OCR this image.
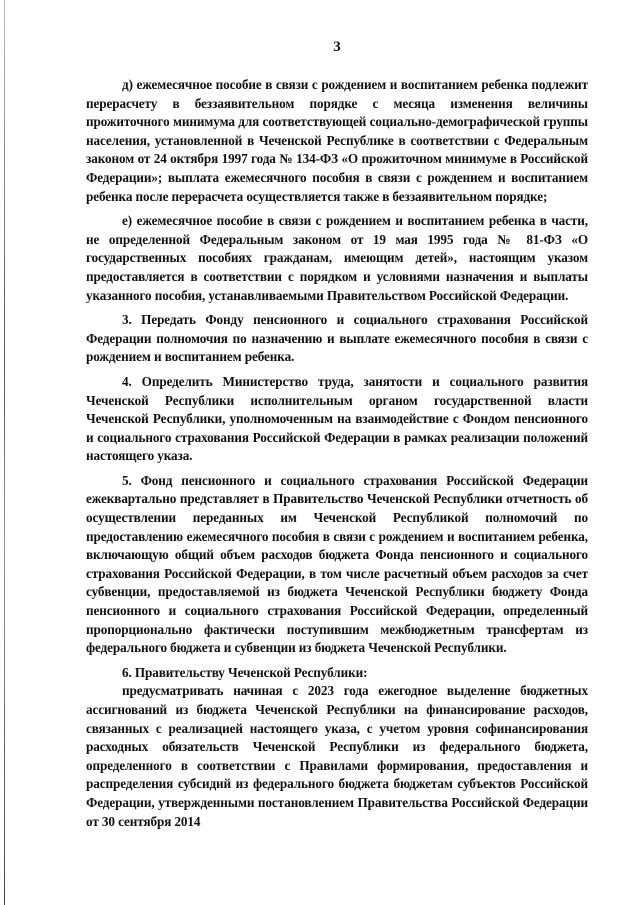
3

д) ежемесячное пособие в связи с рождением и воспитанием ребенка подлежит перерасчету в беззаявительном порядке с месяца изменения величины прожиточного минимума для соответствующей социально-демографической группы населения, установленной в Чеченской Республике в соответствии с Федеральным законом от 24 октября 1997 года № 134-ФЗ «О прожиточном минимуме в Российской Федерации»; выплата ежемесячного пособия в связи с рождением и воспитанием ребенка после перерасчета осуществляется также в беззаявительном порядке;

е) ежемесячное пособие в связи с рождением и воспитанием ребенка в части, не определенной Федеральным законом от 19 мая 1995 года № 81-ФЗ «О государственных пособиях гражданам, имеющим детей», настоящим указом предоставляется в соответствии с порядком и условиями назначения и выплаты указанного пособия, устанавливаемыми Правительством Российской Федерации.

3. Передать Фонду пенсионного и социального страхования Российской Федерации полномочия по назначению и выплате ежемесячного пособия в связи с рождением и воспитанием ребенка.

4. Определить Министерство труда, занятости и социального развития Чеченской Республики исполнительным органом государственной власти Чеченской Республики, уполномоченным на взаимодействие с Фондом пенсионного и социального страхования Российской Федерации в рамках реализации положений настоящего указа.

5. Фонд пенсионного и социального страхования Российской Федерации ежеквартально представляет в Правительство Чеченской Республики отчетность об осуществлении переданных им Чеченской Республикой полномочий по предоставлению ежемесячного пособия в связи с рождением и воспитанием ребенка, включающую общий объем расходов бюджета Фонда пенсионного и социального страхования Российской Федерации, в том числе расчетный объем расходов за счет субвенции, предоставляемой из бюджета Чеченской Республики бюджету Фонда пенсионного и социального страхования Российской Федерации, определенный пропорционально фактически поступившим межбюджетным трансфертам из федерального бюджета и субвенции из бюджета Чеченской Республики.

6. Правительству Чеченской Республики:

предусматривать начиная с 2023 года ежегодное выделение бюджетных ассигнований из бюджета Чеченской Республики на финансирование расходов, связанных с реализацией настоящего указа, с учетом уровня софинансирования расходных обязательств Чеченской Республики из федерального бюджета, определенного в соответствии с Правилами формирования, предоставления и распределения субсидий из федерального бюджета бюджетам субъектов Российской Федерации, утвержденными постановлением Правительства Российской Федерации от 30 сентября 2014
